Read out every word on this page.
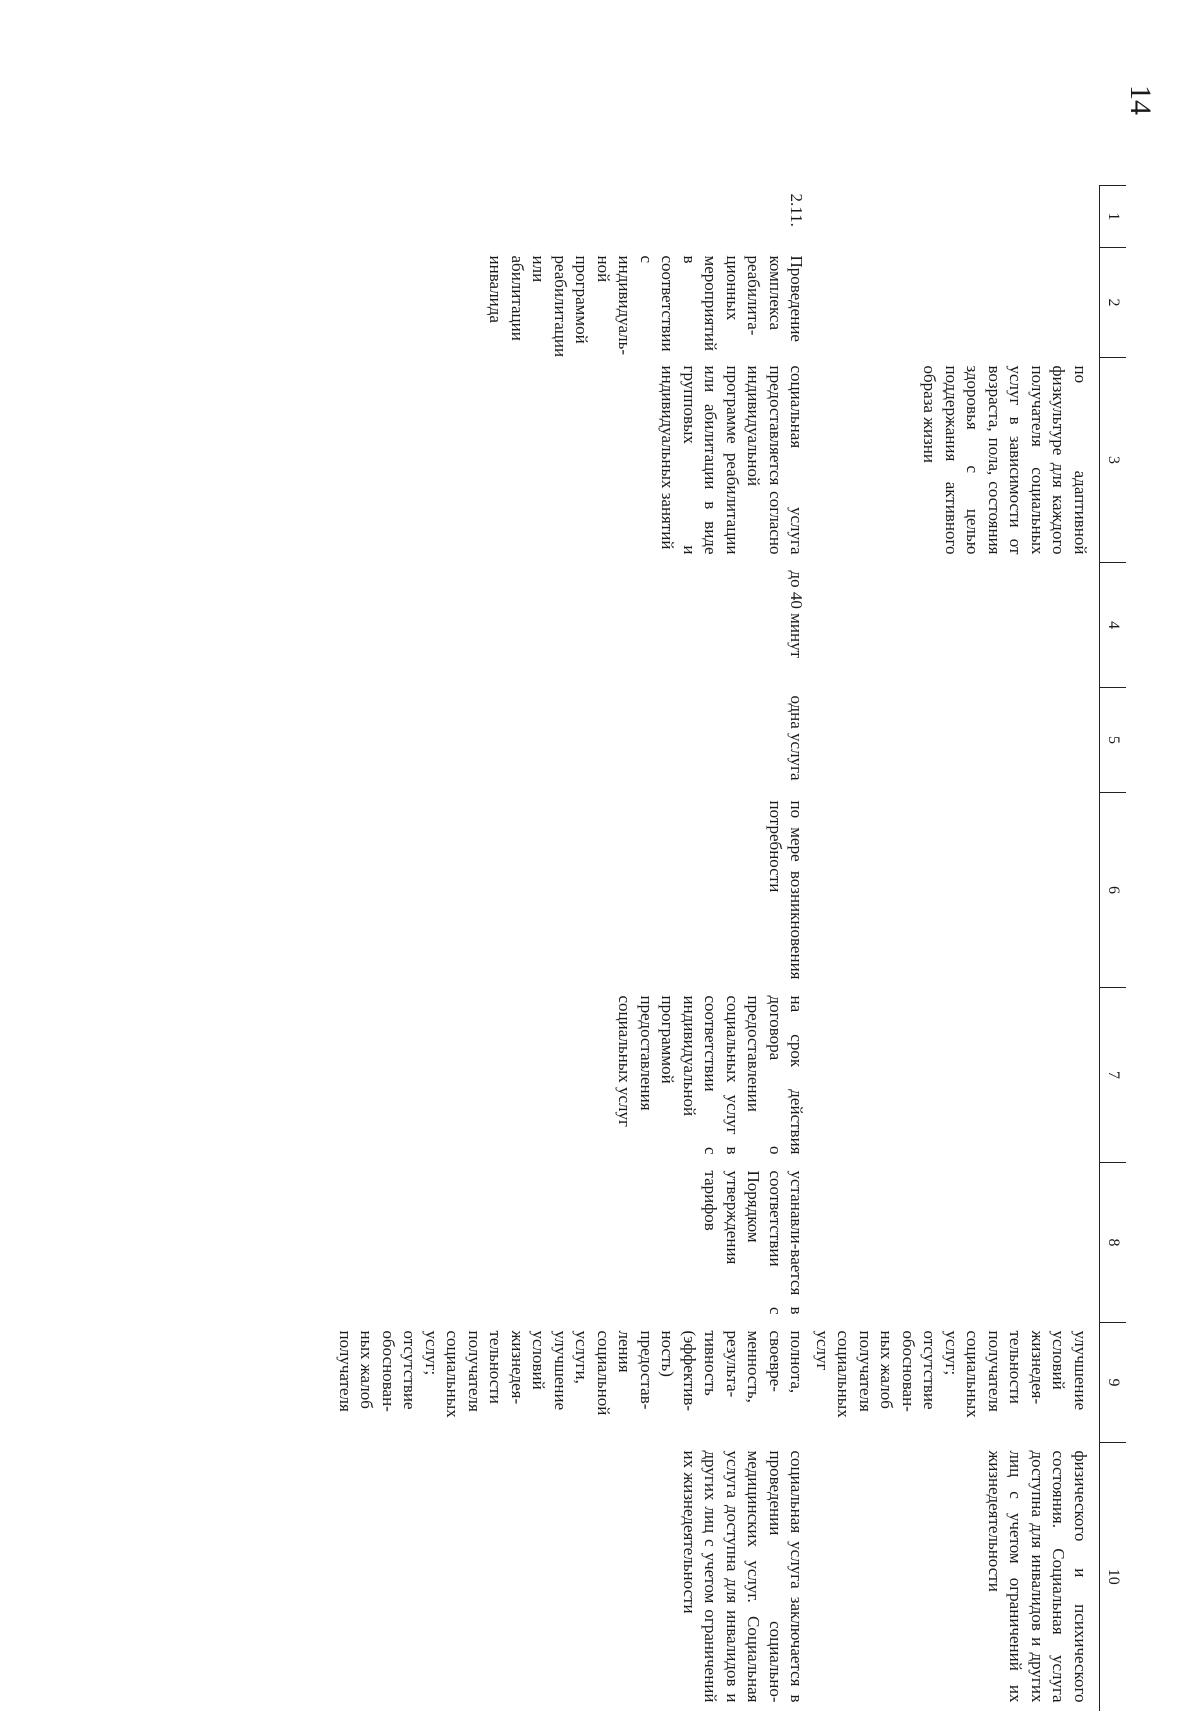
14
1	2	3	4	5	6	7	8	9	10
		по адаптивной физкультуре для каждого получателя социальных услуг в зависимости от возраста, пола, состояния здоровья с целью поддержания активного образа жизни						улучшение условий жизнедея-тельности получателя социальных услуг; отсутствие обоснован-ных жалоб получателя социальных услуг	физического и психического состояния. Социальная услуга доступна для инвалидов и других лиц с учетом ограничений их жизнедеятельности
2.11.	Проведение комплекса реабилита-ционных мероприятий в соответствии с индивидуаль-ной программой реабилитации или абилитации инвалида	социальная услуга предоставляется согласно индивидуальной программе реабилитации или абилитации в виде групповых и индивидуальных занятий	до 40 минут	одна услуга	по мере возникновения потребности	на срок действия договора о предоставлении социальных услуг в соответствии с индивидуальной программой предоставления социальных услуг	устанавли-вается в соответствии с Порядком утверждения тарифов	полнота, своевре-менность, результа-тивность (эффектив-ность) предостав-ления социальной услуги, улучшение условий жизнедея-тельности получателя социальных услуг; отсутствие обоснован-ных жалоб получателя	социальная услуга заключается в проведении социально-медицинских услуг. Социальная услуга доступна для инвалидов и других лиц с учетом ограничений их жизнедеятельности
